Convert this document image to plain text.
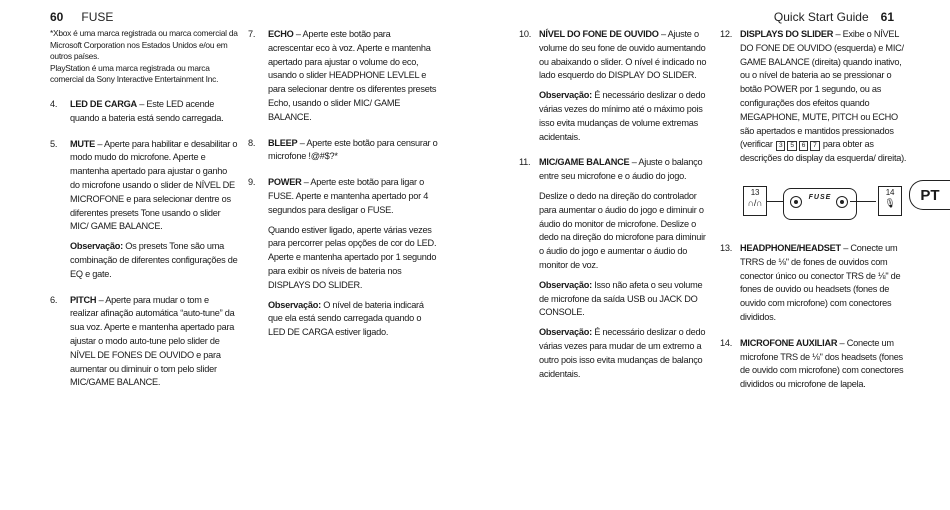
60 FUSE

*Xbox é uma marca registrada ou marca comercial da Microsoft Corporation nos Estados Unidos e/ou em outros países.

PlayStation é uma marca registrada ou marca comercial da Sony Interactive Entertainment Inc.

4.	LED DE CARGA – Este LED acende quando a bateria está sendo carregada.

5.	MUTE – Aperte para habilitar e desabilitar o modo mudo do microfone. Aperte e mantenha apertado para ajustar o ganho do microfone usando o slider de NÍVEL DE MICROFONE e para selecionar dentre os diferentes presets Tone usando o slider MIC/ GAME BALANCE.

Observação: Os presets Tone são uma combinação de diferentes configurações de EQ e gate.

6.	PITCH – Aperte para mudar o tom e realizar afinação automática “auto-tune” da sua voz. Aperte e mantenha apertado para ajustar o modo auto-tune pelo slider de NÍVEL DE FONES DE OUVIDO e para aumentar ou diminuir o tom pelo slider MIC/GAME BALANCE.

7.	ECHO – Aperte este botão para acrescentar eco à voz. Aperte e mantenha apertado para ajustar o volume do eco, usando o slider HEADPHONE LEVLEL e para selecionar dentre os diferentes presets Echo, usando o slider MIC/ GAME BALANCE.

8.	BLEEP – Aperte este botão para censurar o microfone !@#$?*

9.	POWER – Aperte este botão para ligar o FUSE. Aperte e mantenha apertado por 4 segundos para desligar o FUSE.

Quando estiver ligado, aperte várias vezes para percorrer pelas opções de cor do LED. Aperte e mantenha apertado por 1 segundo para exibir os níveis de bateria nos DISPLAYS DO SLIDER.

Observação: O nível de bateria indicará que ela está sendo carregada quando o LED DE CARGA estiver ligado.

Quick Start Guide 61
10. NÍVEL DO FONE DE OUVIDO – Ajuste o volume do seu fone de ouvido aumentando ou abaixando o slider. O nível é indicado no lado esquerdo do DISPLAY DO SLIDER.

Observação: É necessário deslizar o dedo várias vezes do mínimo até o máximo pois isso evita mudanças de volume extremas acidentais.

11. MIC/GAME BALANCE – Ajuste o balanço entre seu microfone e o áudio do jogo.

Deslize o dedo na direção do controlador para aumentar o áudio do jogo e diminuir o áudio do monitor de microfone. Deslize o dedo na direção do microfone para diminuir o áudio do jogo e aumentar o áudio do monitor de voz.

Observação: Isso não afeta o seu volume de microfone da saída USB ou JACK DO CONSOLE.

Observação: É necessário deslizar o dedo várias vezes para mudar de um extremo a outro pois isso evita mudanças de balanço acidentais.

12. DISPLAYS DO SLIDER – Exibe o NÍVEL DO FONE DE OUVIDO (esquerda) e MIC/ GAME BALANCE (direita) quando inativo, ou o nível de bateria ao se pressionar o botão POWER por 1 segundo, ou as configurações dos efeitos quando MEGAPHONE, MUTE, PITCH ou ECHO são apertados e mantidos pressionados (verificar 3 5 6 7 para obter as descrições do display da esquerda/ direita).

13
∩/∩
FUSE
14
🎙
13. HEADPHONE/HEADSET – Conecte um TRRS de ⅛" de fones de ouvidos com conector único ou conector TRS de ⅛" de fones de ouvido ou headsets (fones de ouvido com microfone) com conectores divididos.

14. MICROFONE AUXILIAR – Conecte um microfone TRS de ⅛" dos headsets (fones de ouvido com microfone) com conectores divididos ou microfone de lapela.

PT
